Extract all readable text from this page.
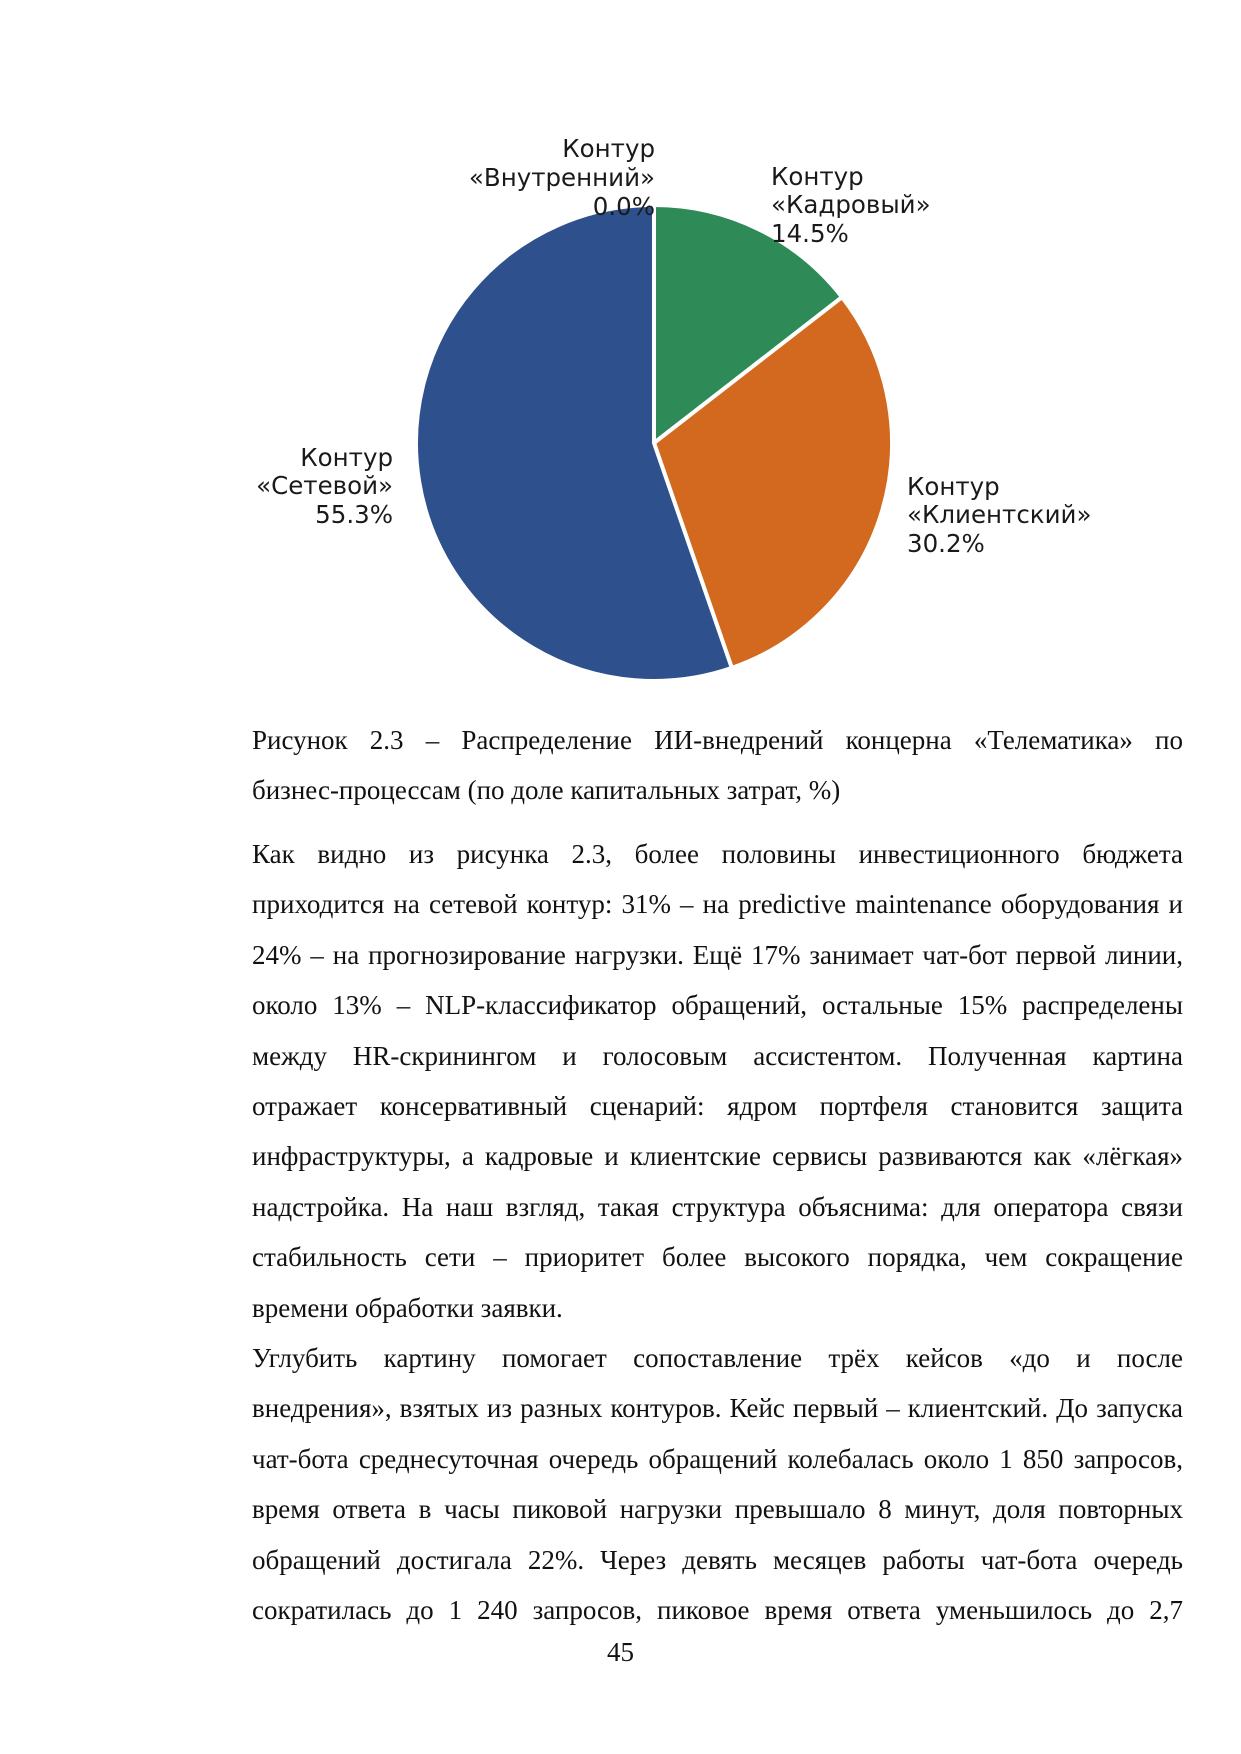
Контур
«Внутренний»
0.0%
Контур
«Кадровый»
14.5%
Контур
«Клиентский»
30.2%
Контур
«Сетевой»
55.3%

Рисунок 2.3 – Распределение ИИ-внедрений концерна «Телематика» по
бизнес-процессам (по доле капитальных затрат, %)

Как видно из рисунка 2.3, более половины инвестиционного бюджета
приходится на сетевой контур: 31% – на predictive maintenance оборудования и
24% – на прогнозирование нагрузки. Ещё 17% занимает чат-бот первой линии,
около 13% – NLP-классификатор обращений, остальные 15% распределены
между HR-скринингом и голосовым ассистентом. Полученная картина
отражает консервативный сценарий: ядром портфеля становится защита
инфраструктуры, а кадровые и клиентские сервисы развиваются как «лёгкая»
надстройка. На наш взгляд, такая структура объяснима: для оператора связи
стабильность сети – приоритет более высокого порядка, чем сокращение
времени обработки заявки.

Углубить картину помогает сопоставление трёх кейсов «до и после
внедрения», взятых из разных контуров. Кейс первый – клиентский. До запуска
чат-бота среднесуточная очередь обращений колебалась около 1 850 запросов,
время ответа в часы пиковой нагрузки превышало 8 минут, доля повторных
обращений достигала 22%. Через девять месяцев работы чат-бота очередь
сократилась до 1 240 запросов, пиковое время ответа уменьшилось до 2,7

45
